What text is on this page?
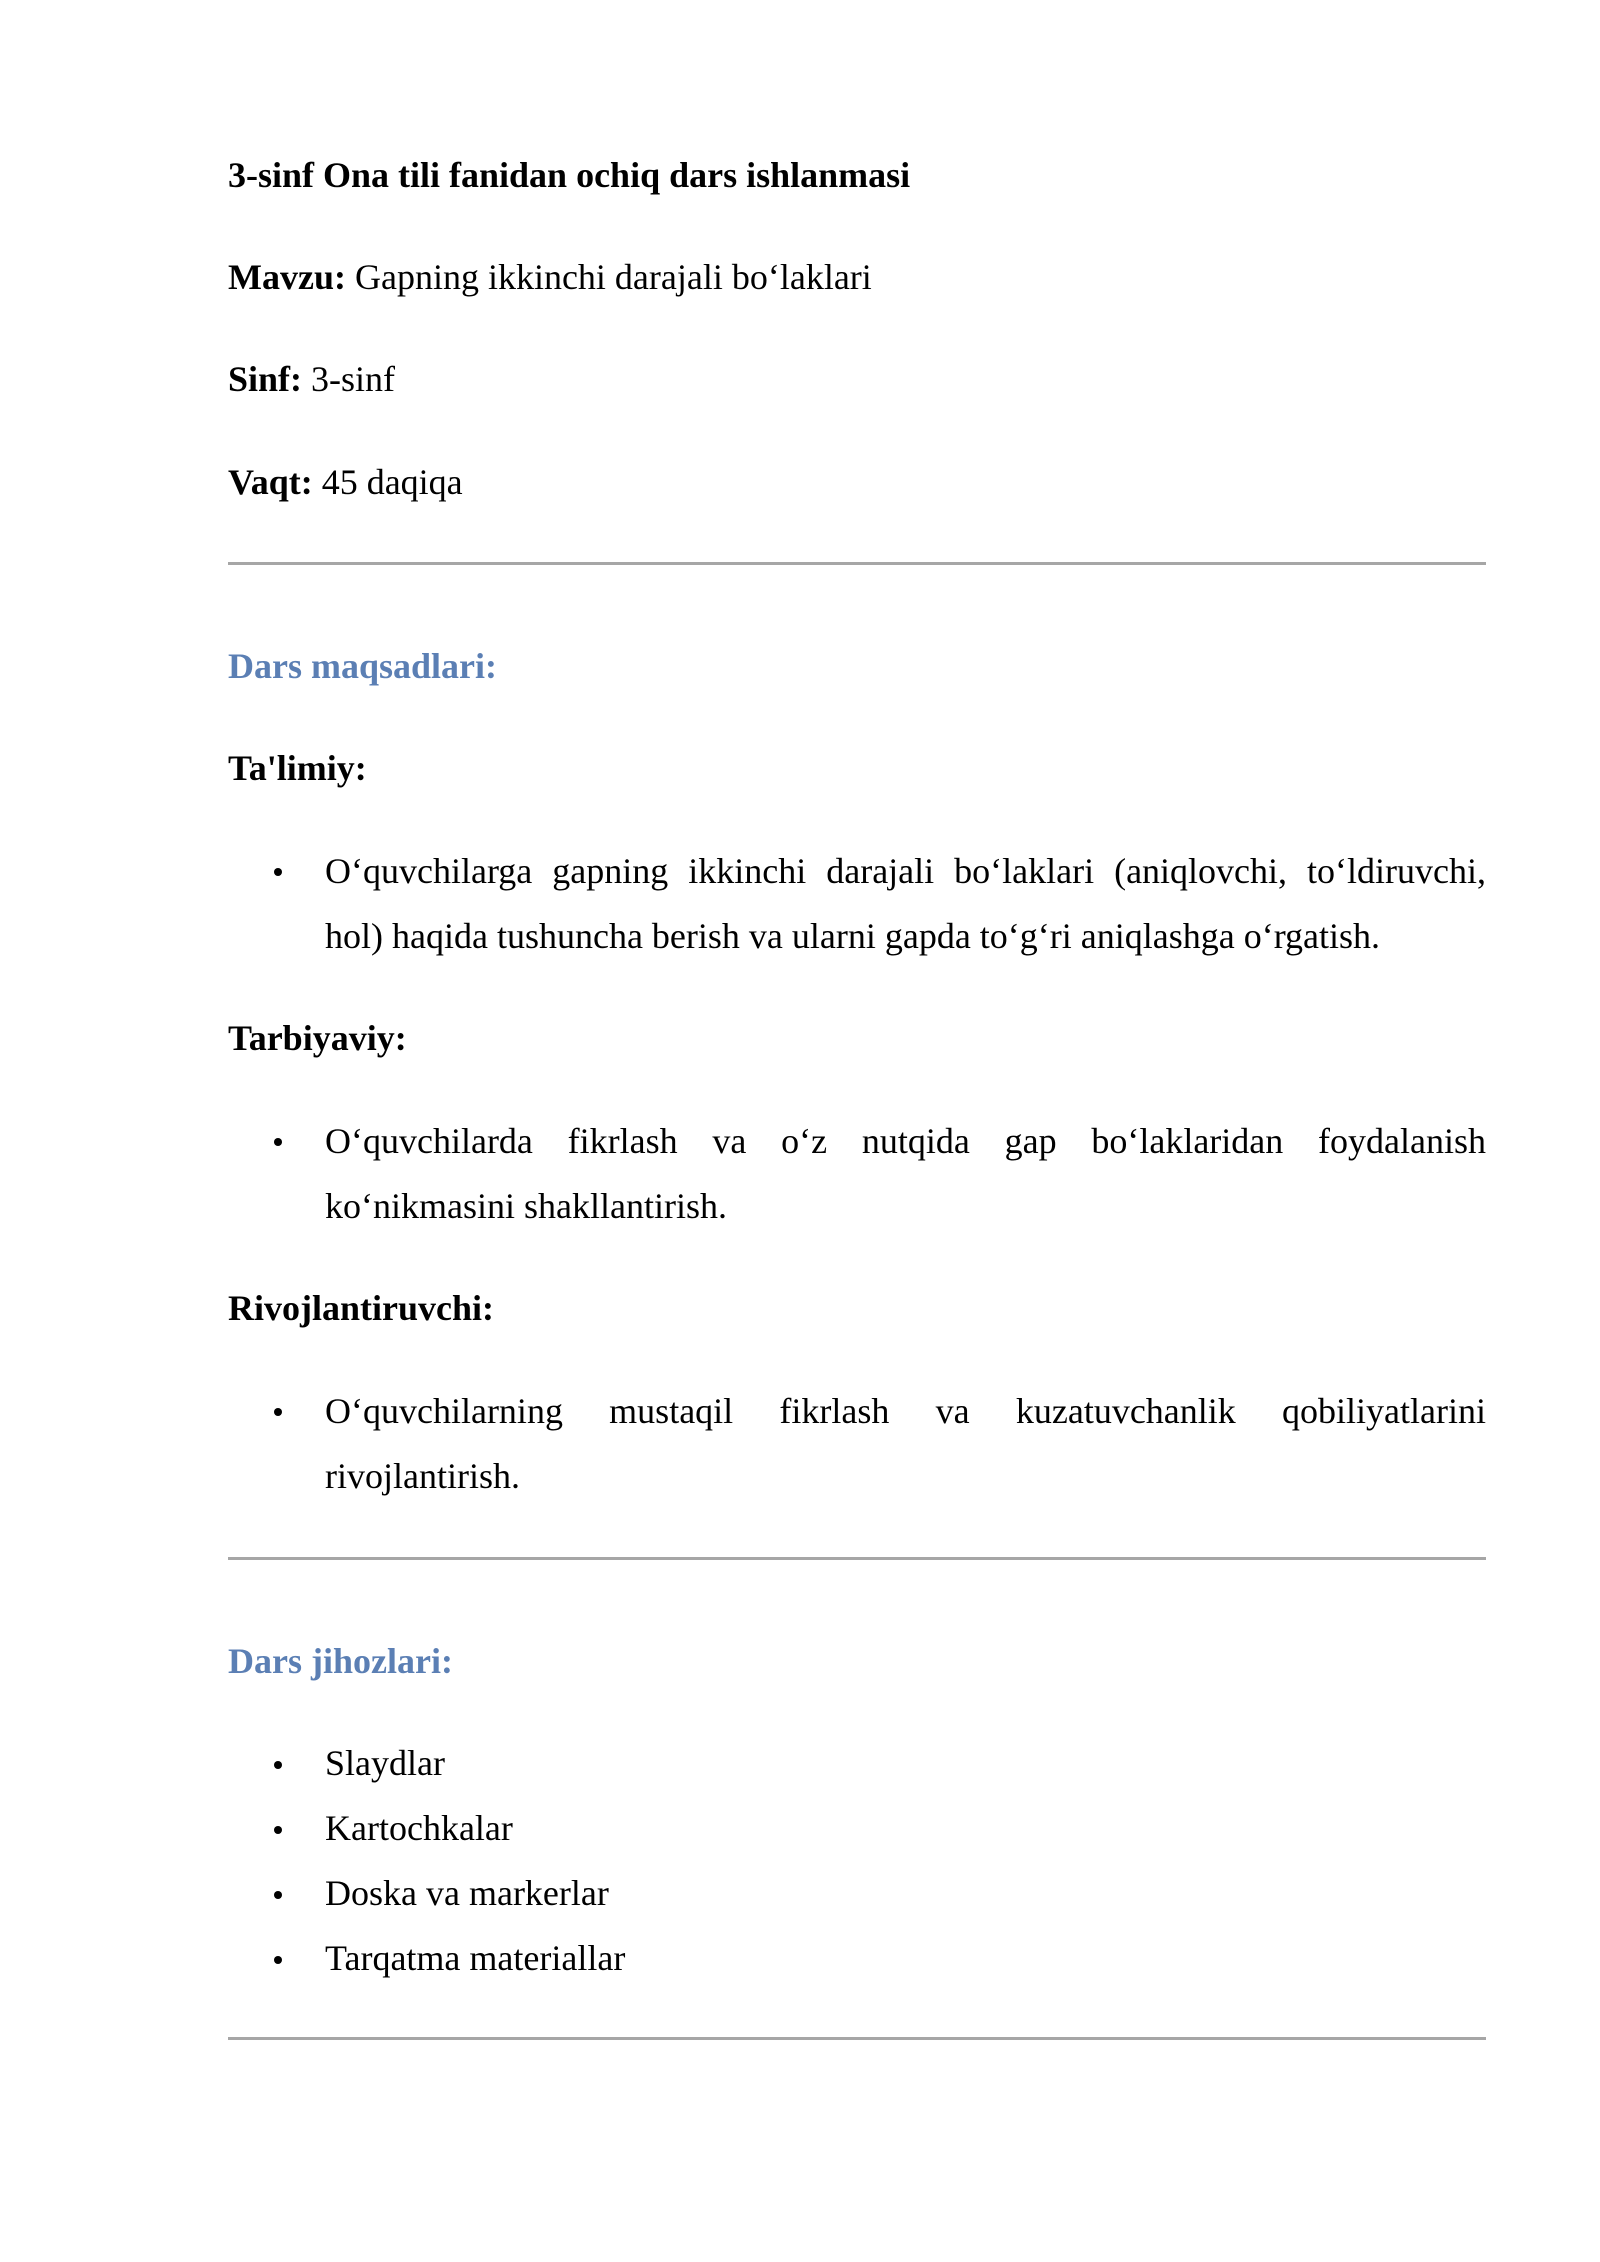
3-sinf Ona tili fanidan ochiq dars ishlanmasi

Mavzu: Gapning ikkinchi darajali bo‘laklari

Sinf: 3-sinf

Vaqt: 45 daqiqa

Dars maqsadlari:

Ta'limiy:

O‘quvchilarga gapning ikkinchi darajali bo‘laklari (aniqlovchi, to‘ldiruvchi, hol) haqida tushuncha berish va ularni gapda to‘g‘ri aniqlashga o‘rgatish.

Tarbiyaviy:

O‘quvchilarda fikrlash va o‘z nutqida gap bo‘laklaridan foydalanish ko‘nikmasini shakllantirish.

Rivojlantiruvchi:

O‘quvchilarning mustaqil fikrlash va kuzatuvchanlik qobiliyatlarini rivojlantirish.

Dars jihozlari:

Slaydlar
Kartochkalar
Doska va markerlar
Tarqatma materiallar
